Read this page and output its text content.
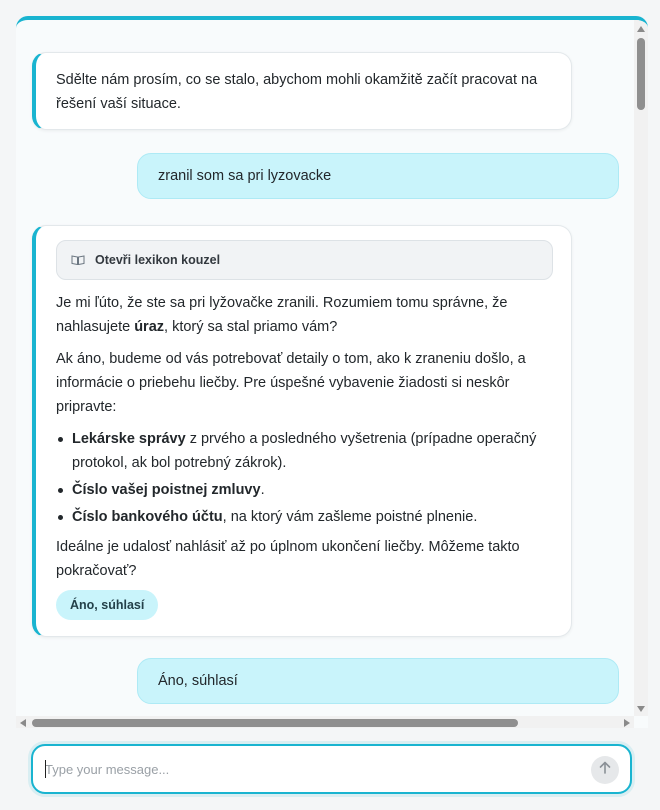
Sdělte nám prosím, co se stalo, abychom mohli okamžitě začít pracovat na řešení vaší situace.
zranil som sa pri lyzovacke
Otevři lexikon kouzel

Je mi ľúto, že ste sa pri lyžovačke zranili. Rozumiem tomu správne, že nahlasujete úraz, ktorý sa stal priamo vám?

Ak áno, budeme od vás potrebovať detaily o tom, ako k zraneniu došlo, a informácie o priebehu liečby. Pre úspešné vybavenie žiadosti si neskôr pripravte:

Lekárske správy z prvého a posledného vyšetrenia (prípadne operačný protokol, ak bol potrebný zákrok).
Číslo vašej poistnej zmluvy.
Číslo bankového účtu, na ktorý vám zašleme poistné plnenie.

Ideálne je udalosť nahlásiť až po úplnom ukončení liečby. Môžeme takto pokračovať?

Áno, súhlasí
Áno, súhlasí
Type your message...
